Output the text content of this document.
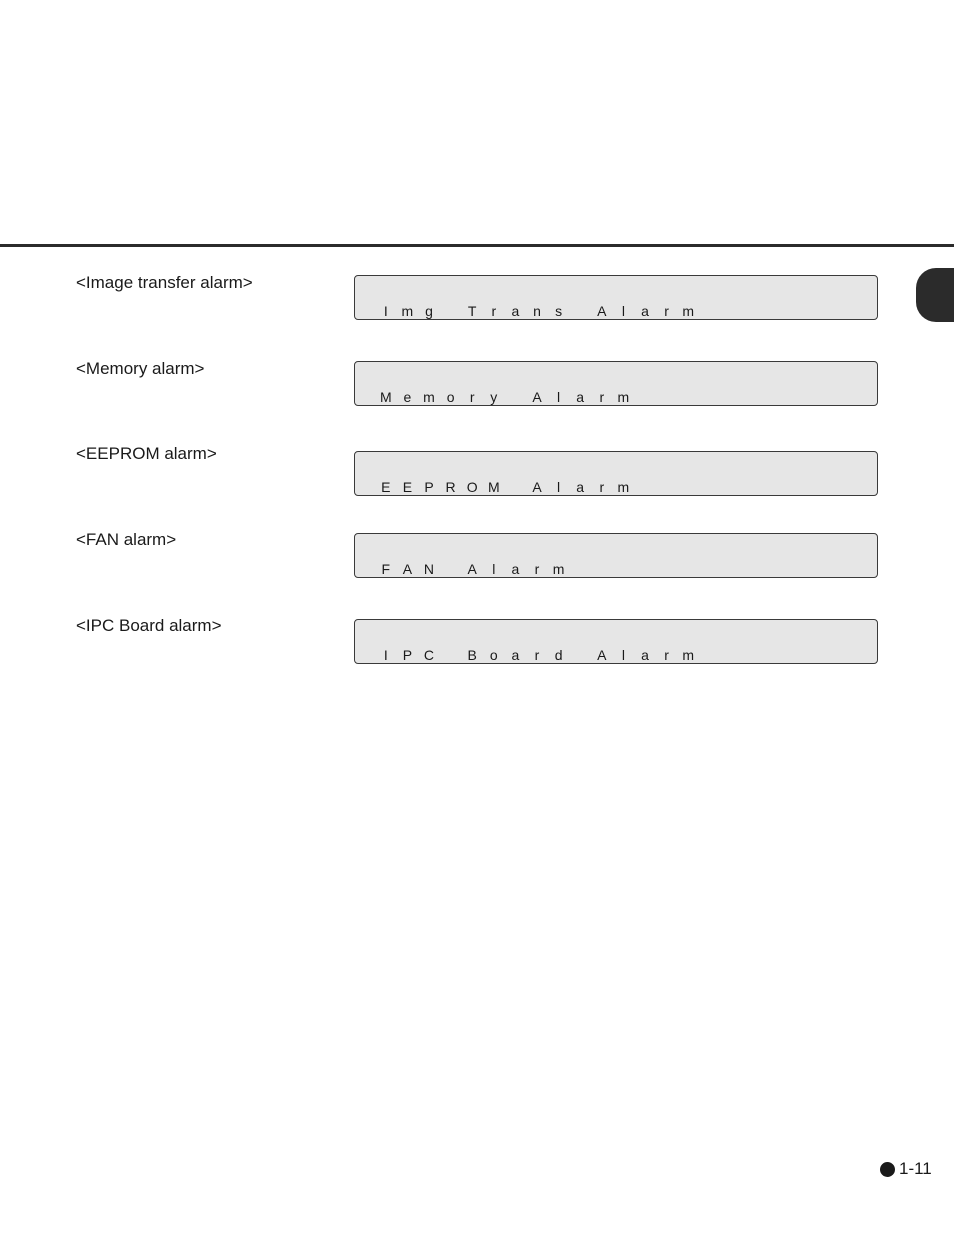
<Image transfer alarm>
I m g	T	r	a n	s	A	l	a	r m
<Memory alarm>
M e m o	r	y	A	l	a	r m
<EEPROM alarm>
E E P R O M	A	l	a	r m
<FAN alarm>
F A N	A	l	a	r m
<IPC Board alarm>
I	P C	B o a	r	d	A	l	a	r m
1-11
